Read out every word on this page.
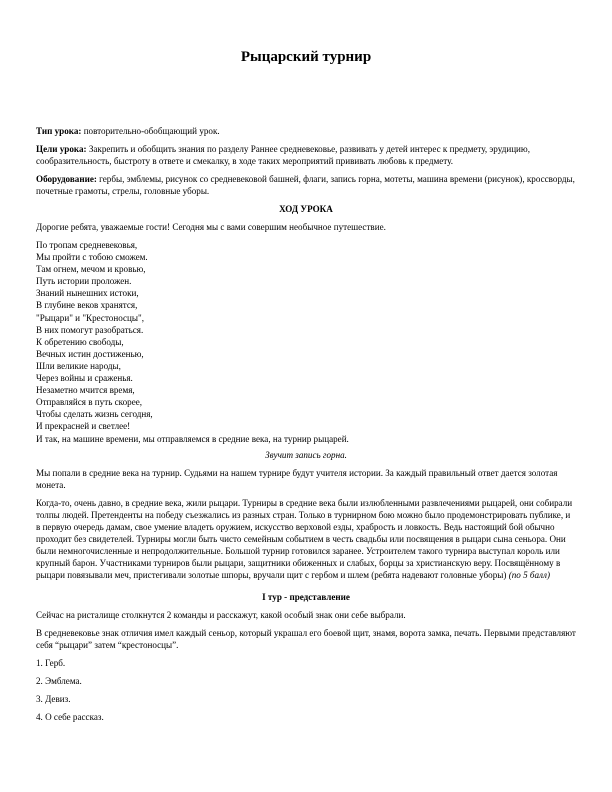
Рыцарский турнир

Тип урока: повторительно-обобщающий урок.

Цели урока: Закрепить и обобщить знания по разделу Раннее средневековье, развивать у детей интерес к предмету, эрудицию, сообразительность, быстроту в ответе и смекалку, в ходе таких мероприятий прививать любовь к предмету.

Оборудование: гербы, эмблемы, рисунок со средневековой башней, флаги, запись горна, мотеты, машина времени (рисунок), кроссворды, почетные грамоты, стрелы, головные уборы.

ХОД УРОКА

Дорогие ребята, уважаемые гости! Сегодня мы с вами совершим необычное путешествие.

По тропам средневековья,
Мы пройти с тобою сможем.
Там огнем, мечом и кровью,
Путь истории проложен.
Знаний нынешних истоки,
В глубине веков хранятся,
"Рыцари" и "Крестоносцы",
В них помогут разобраться.
К обретению свободы,
Вечных истин достиженью,
Шли великие народы,
Через войны и сраженья.
Незаметно мчится время,
Отправляйся в путь скорее,
Чтобы сделать жизнь сегодня,
И прекрасней и светлее!
И так, на машине времени, мы отправляемся в средние века, на турнир рыцарей.

Звучит запись горна.

Мы попали в средние века на турнир. Судьями на нашем турнире будут учителя истории. За каждый правильный ответ дается золотая монета.

Когда-то, очень давно, в средние века, жили рыцари. Турниры в средние века были излюбленными развлечениями рыцарей, они собирали толпы людей. Претенденты на победу съезжались из разных стран. Только в турнирном бою можно было продемонстрировать публике, и в первую очередь дамам, свое умение владеть оружием, искусство верховой езды, храбрость и ловкость. Ведь настоящий бой обычно проходит без свидетелей. Турниры могли быть чисто семейным событием в честь свадьбы или посвящения в рыцари сына сеньора. Они были немногочисленные и непродолжительные. Большой турнир готовился заранее. Устроителем такого турнира выступал король или крупный барон. Участниками турниров были рыцари, защитники обиженных и слабых, борцы за христианскую веру. Посвящённому в рыцари повязывали меч, пристегивали золотые шпоры, вручали щит с гербом и шлем (ребята надевают головные уборы) (по 5 балл)

I тур - представление

Сейчас на ристалище столкнутся 2 команды и расскажут, какой особый знак они себе выбрали.

В средневековье знак отличия имел каждый сеньор, который украшал его боевой щит, знамя, ворота замка, печать. Первыми представляют себя “рыцари” затем “крестоносцы”.

1. Герб.

2. Эмблема.

3. Девиз.

4. О себе рассказ.
